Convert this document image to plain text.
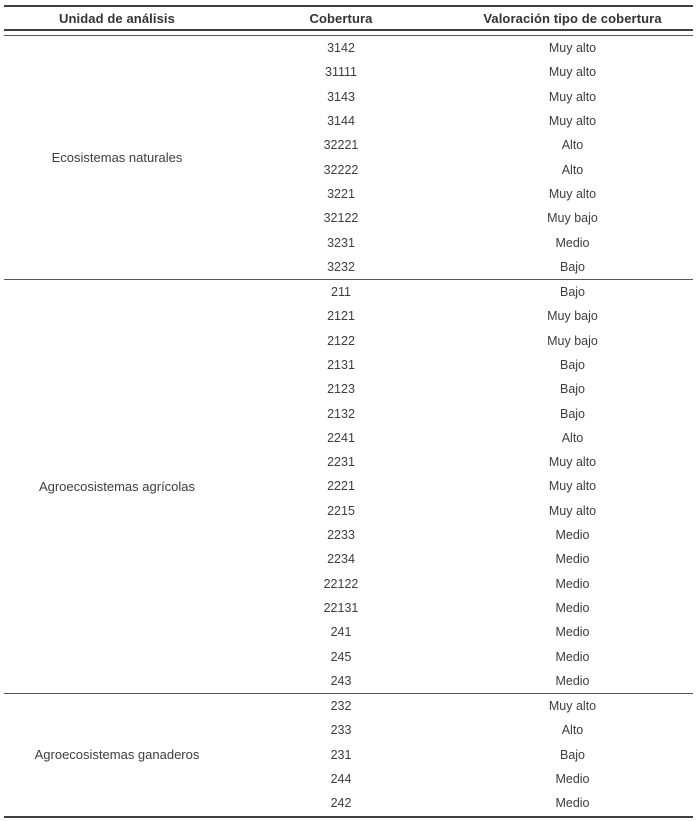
Unidad de análisis	Cobertura	Valoración tipo de cobertura

Ecosistemas naturales	3142	Muy alto
	31111	Muy alto
	3143	Muy alto
	3144	Muy alto
	32221	Alto
	32222	Alto
	3221	Muy alto
	32122	Muy bajo
	3231	Medio
	3232	Bajo
Agroecosistemas agrícolas	211	Bajo
	2121	Muy bajo
	2122	Muy bajo
	2131	Bajo
	2123	Bajo
	2132	Bajo
	2241	Alto
	2231	Muy alto
	2221	Muy alto
	2215	Muy alto
	2233	Medio
	2234	Medio
	22122	Medio
	22131	Medio
	241	Medio
	245	Medio
	243	Medio
Agroecosistemas ganaderos	232	Muy alto
	233	Alto
	231	Bajo
	244	Medio
	242	Medio
